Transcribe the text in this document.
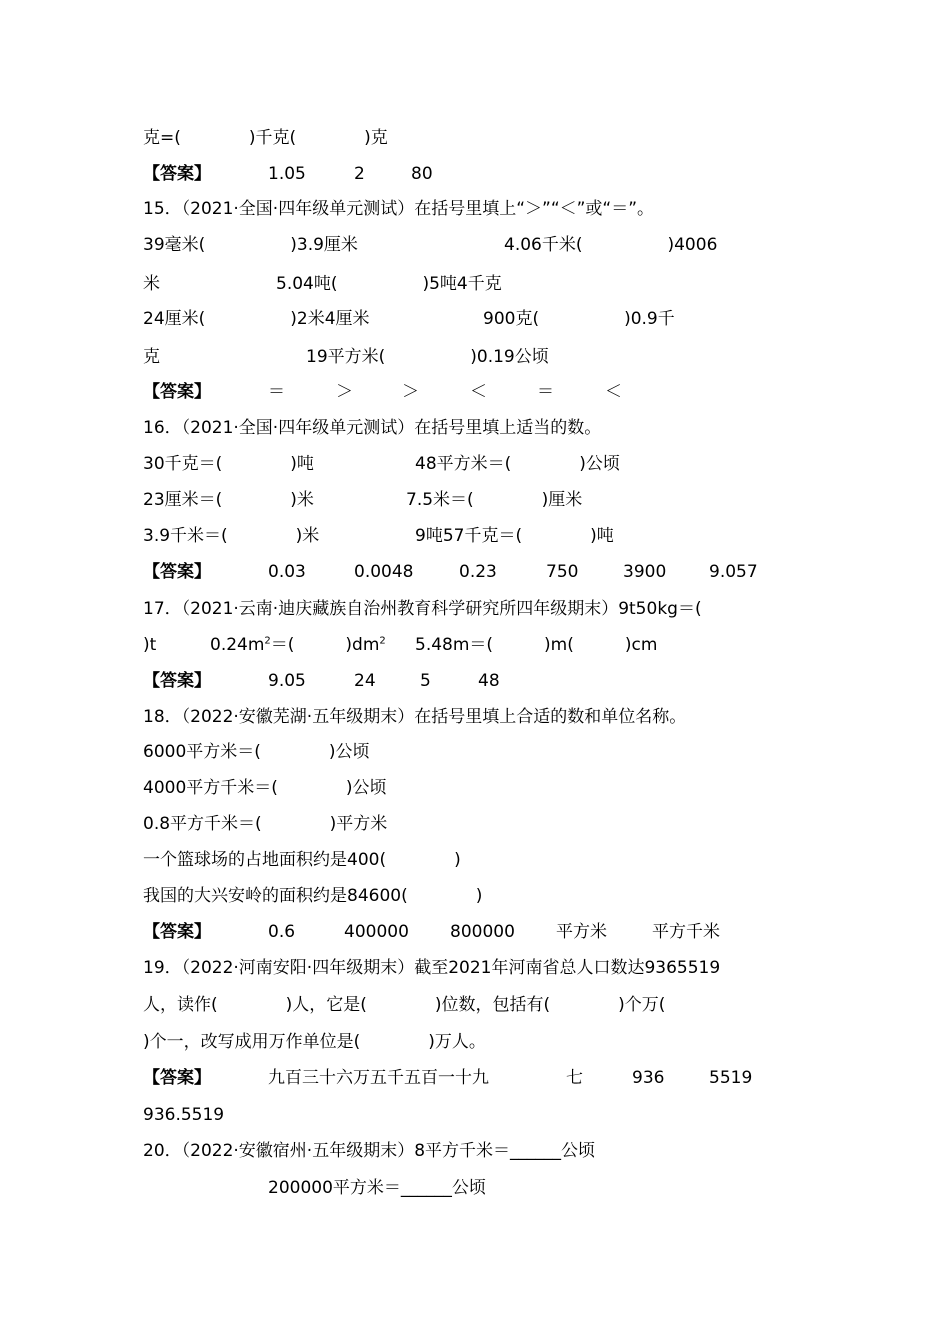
克=(　　　　)千克(　　　　)克
【答案】	1.05	2	80
15．（2021·全国·四年级单元测试）在括号里填上“＞”“＜”或“＝”。
39毫米(　　　　　)3.9厘米	4.06千米(　　　　　)4006
米	5.04吨(　　　　　)5吨4千克
24厘米(　　　　　)2米4厘米	900克(　　　　　)0.9千
克	19平方米(　　　　　)0.19公顷
【答案】	＝	＞	＞	＜	＝	＜
16．（2021·全国·四年级单元测试）在括号里填上适当的数。
30千克＝(　　　　)吨	48平方米＝(　　　　)公顷
23厘米＝(　　　　)米	7.5米＝(　　　　)厘米
3.9千米＝(　　　　)米	9吨57千克＝(　　　　)吨
【答案】	0.03	0.0048	0.23	750	3900	9.057
17．（2021·云南·迪庆藏族自治州教育科学研究所四年级期末）9t50kg＝(
)t	$0.24m^2=$(　　　)$dm^2$ 5.48m＝(　　　)m(　　　)cm
【答案】	9.05	24	5	48
18．（2022·安徽芜湖·五年级期末）在括号里填上合适的数和单位名称。
6000平方米＝(　　　　)公顷
4000平方千米＝(　　　　)公顷
0.8平方千米＝(　　　　)平方米
一个篮球场的占地面积约是400(　　　　)
我国的大兴安岭的面积约是84600(　　　　)
【答案】	0.6	400000 800000 平方米	平方千米
19．（2022·河南安阳·四年级期末）截至2021年河南省总人口数达9365519
人，读作(　　　　)人，它是(　　　　)位数，包括有(　　　　)个万(
)个一，改写成用万作单位是(　　　　)万人。
【答案】	九百三十六万五千五百一十九	七	936	5519
936.5519
20．（2022·安徽宿州·五年级期末）8平方千米＝______公顷
200000平方米＝______公顷
